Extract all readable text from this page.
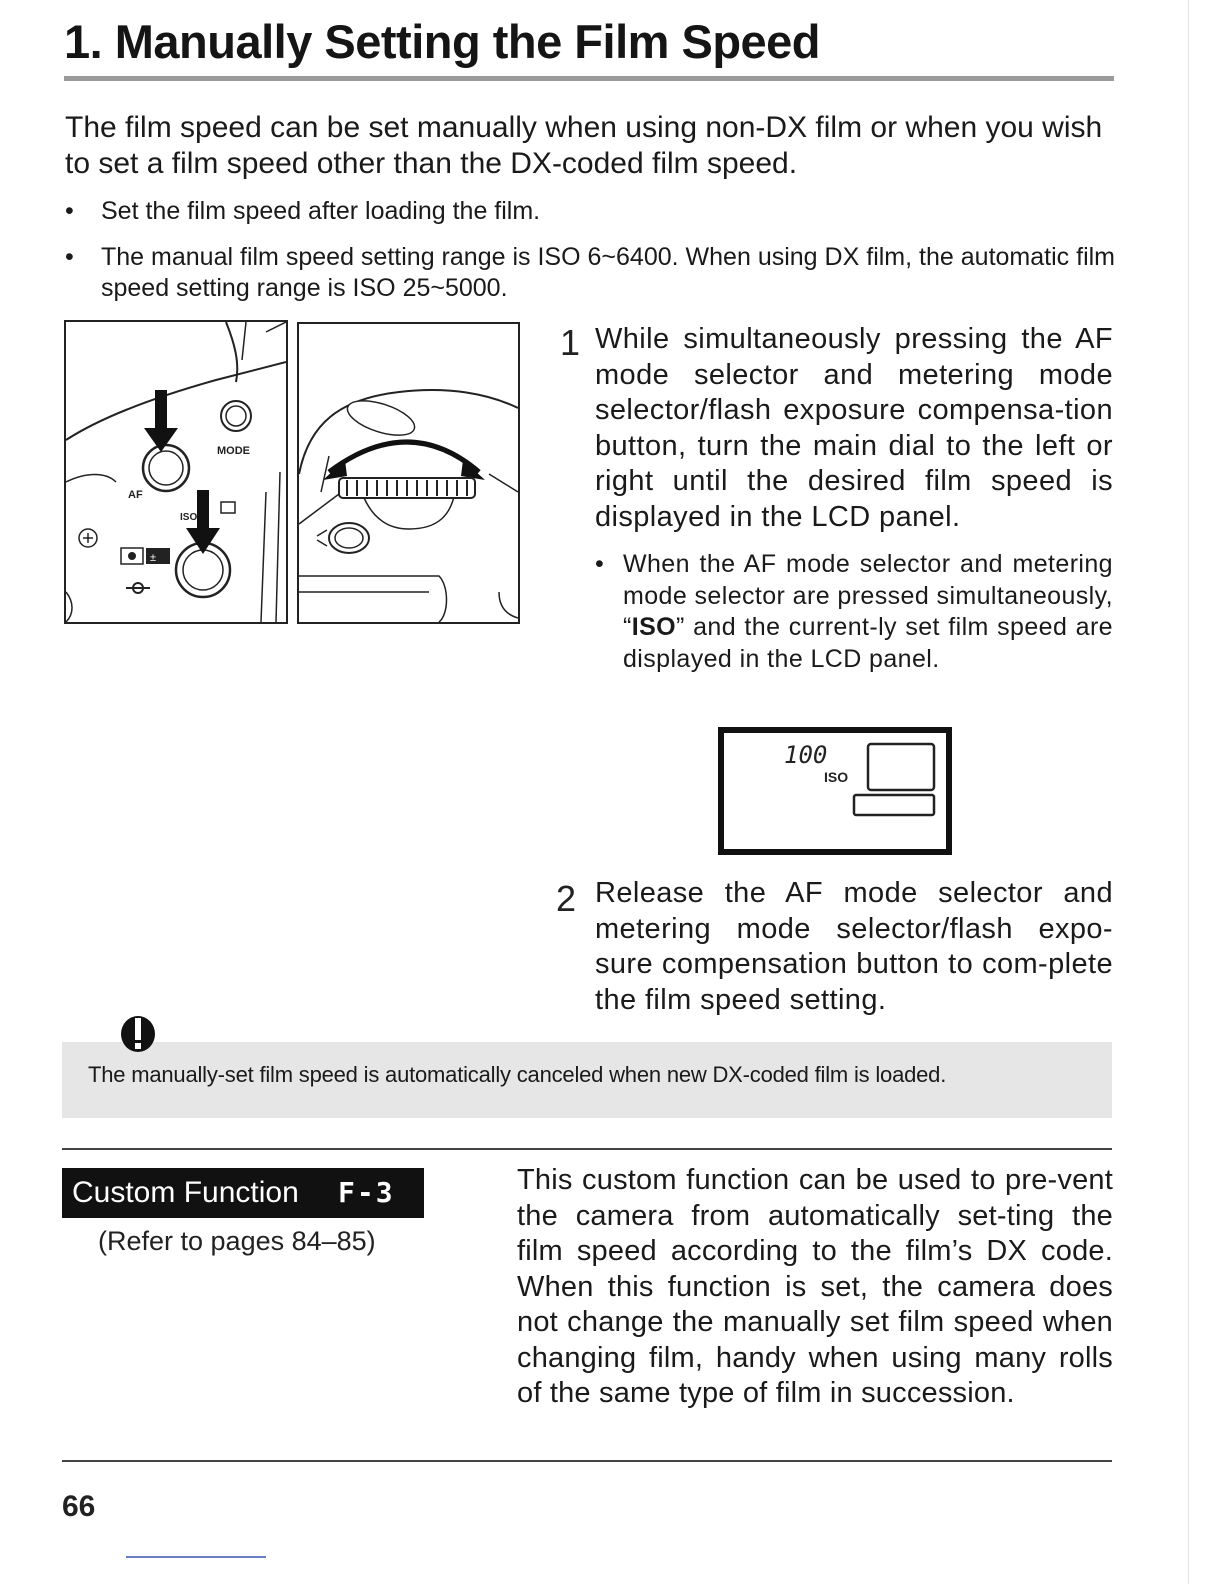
1. Manually Setting the Film Speed
The film speed can be set manually when using non-DX film or when you wish to set a film speed other than the DX-coded film speed.
• Set the film speed after loading the film.
• The manual film speed setting range is ISO 6~6400. When using DX film, the automatic film speed setting range is ISO 25~5000.
MODE
AF
ISO
±
1 While simultaneously pressing the AF mode selector and metering mode selector/flash exposure compensa-tion button, turn the main dial to the left or right until the desired film speed is displayed in the LCD panel.
• When the AF mode selector and metering mode selector are pressed simultaneously, “ISO” and the current-ly set film speed are displayed in the LCD panel.
100
ISO
2 Release the AF mode selector and metering mode selector/flash expo-sure compensation button to com-plete the film speed setting.
The manually-set film speed is automatically canceled when new DX-coded film is loaded.
Custom Function F-3
(Refer to pages 84–85)
This custom function can be used to pre-vent the camera from automatically set-ting the film speed according to the film’s DX code. When this function is set, the camera does not change the manually set film speed when changing film, handy when using many rolls of the same type of film in succession.
66
